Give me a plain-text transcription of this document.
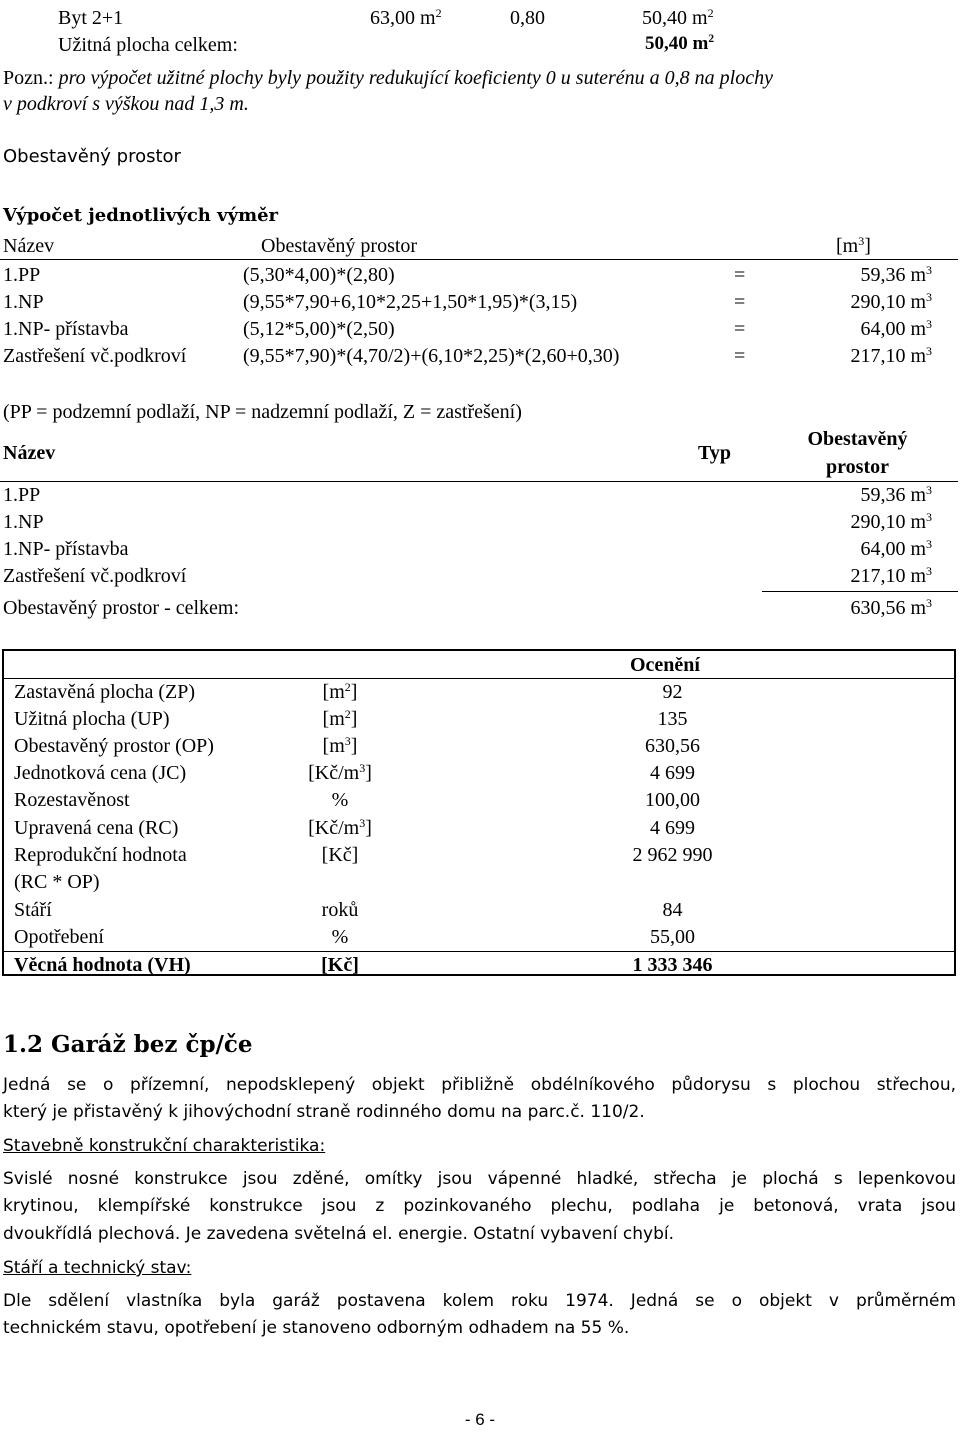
Byt 2+1	63,00 $m^2$	0,80	50,40 $m^2$
Užitná plocha celkem:	50,40 $m^2$
Pozn.: pro výpočet užitné plochy byly použity redukující koeficienty 0 u suterénu a 0,8 na plochy
v podkroví s výškou nad 1,3 m.
Obestavěný prostor
Výpočet jednotlivých výměr
Název	Obestavěný prostor	$[m^3]$
1.PP	(5,30*4,00)*(2,80)	=	59,36 $m^3$
1.NP	(9,55*7,90+6,10*2,25+1,50*1,95)*(3,15)	=	290,10 $m^3$
1.NP- přístavba	(5,12*5,00)*(2,50)	=	64,00 $m^3$
Zastřešení vč.podkroví	(9,55*7,90)*(4,70/2)+(6,10*2,25)*(2,60+0,30)	=	217,10 $m^3$
(PP = podzemní podlaží, NP = nadzemní podlaží, Z = zastřešení)
Název	Typ
Obestavěný
prostor
1.PP	59,36 $m^3$
1.NP	290,10 $m^3$
1.NP- přístavba	64,00 $m^3$
Zastřešení vč.podkroví	217,10 $m^3$
Obestavěný prostor - celkem:	630,56 $m^3$
Ocenění
Zastavěná plocha (ZP)	$[m^2]$	92
Užitná plocha (UP)	$[m^2]$	135
Obestavěný prostor (OP)	$[m^3]$	630,56
Jednotková cena (JC)	$[Kč/m^3]$	4 699
Rozestavěnost	%	100,00
Upravená cena (RC)	$[Kč/m^3]$	4 699
Reprodukční hodnota	[Kč]	2 962 990
(RC * OP)
Stáří	roků	84
Opotřebení	%	55,00
Věcná hodnota (VH)	[Kč]	1 333 346
1.2 Garáž bez čp/če
Jedná se o přízemní, nepodsklepený objekt přibližně obdélníkového půdorysu s plochou střechou,
který je přistavěný k jihovýchodní straně rodinného domu na parc.č. 110/2.
Stavebně konstrukční charakteristika:
Svislé nosné konstrukce jsou zděné, omítky jsou vápenné hladké, střecha je plochá s lepenkovou
krytinou, klempířské konstrukce jsou z pozinkovaného plechu, podlaha je betonová, vrata jsou
dvoukřídlá plechová. Je zavedena světelná el. energie. Ostatní vybavení chybí.
Stáří a technický stav:
Dle sdělení vlastníka byla garáž postavena kolem roku 1974. Jedná se o objekt v průměrném
technickém stavu, opotřebení je stanoveno odborným odhadem na 55 %.
- 6 -
